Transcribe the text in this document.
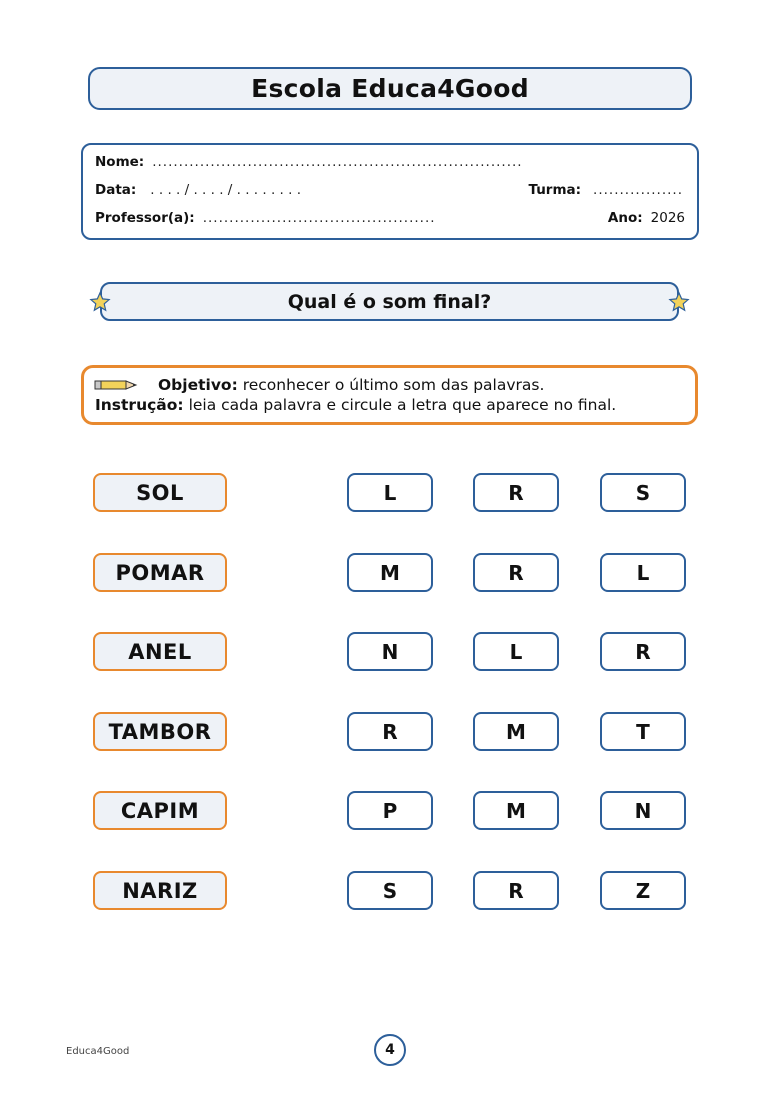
Escola Educa4Good
Nome: ......................................................................
Data: . . . . / . . . . / . . . . . . . .	Turma: .................
Professor(a): ............................................	Ano: 2026
Qual é o som final?
Objetivo: reconhecer o último som das palavras.
Instrução: leia cada palavra e circule a letra que aparece no final.
SOL	L	R	S
POMAR	M	R	L
ANEL	N	L	R
TAMBOR	R	M	T
CAPIM	P	M	N
NARIZ	S	R	Z
Educa4Good	4
